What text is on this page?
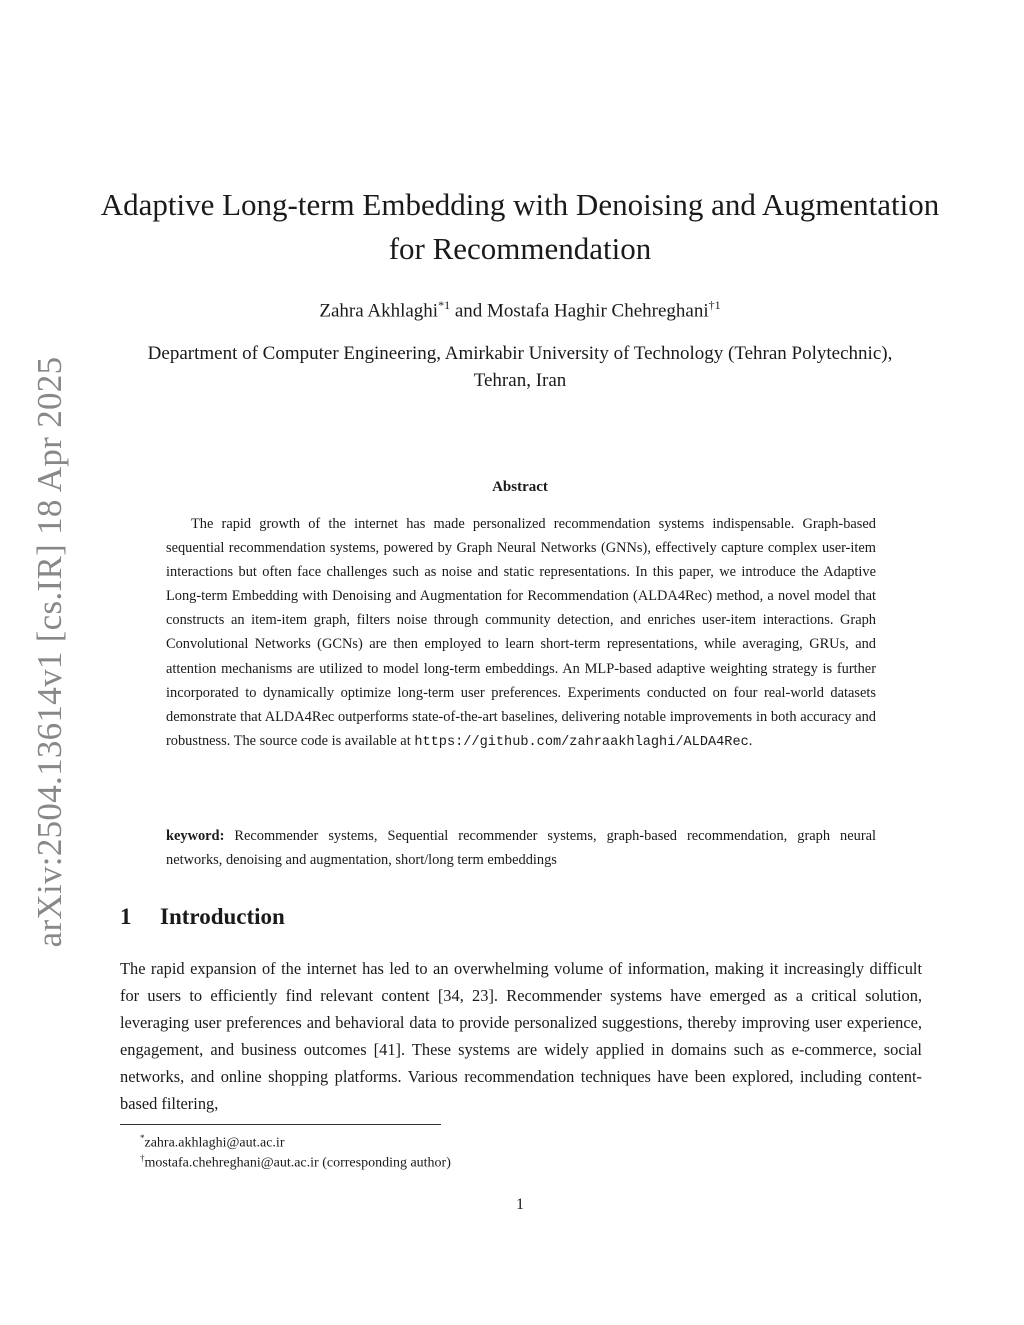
arXiv:2504.13614v1 [cs.IR] 18 Apr 2025
Adaptive Long-term Embedding with Denoising and Augmentation
for Recommendation
Zahra Akhlaghi$^{*1}$ and Mostafa Haghir Chehreghani$^{\dagger 1}$
Department of Computer Engineering, Amirkabir University of Technology (Tehran Polytechnic), Tehran, Iran
Abstract

The rapid growth of the internet has made personalized recommendation systems indispensable. Graph-based sequential recommendation systems, powered by Graph Neural Networks (GNNs), effectively capture complex user-item interactions but often face challenges such as noise and static representations. In this paper, we introduce the Adaptive Long-term Embedding with Denoising and Augmentation for Recommendation (ALDA4Rec) method, a novel model that constructs an item-item graph, filters noise through community detection, and enriches user-item interactions. Graph Convolutional Networks (GCNs) are then employed to learn short-term representations, while averaging, GRUs, and attention mechanisms are utilized to model long-term embeddings. An MLP-based adaptive weighting strategy is further incorporated to dynamically optimize long-term user preferences. Experiments conducted on four real-world datasets demonstrate that ALDA4Rec outperforms state-of-the-art baselines, delivering notable improvements in both accuracy and robustness. The source code is available at https://github.com/zahraakhlaghi/ALDA4Rec.

keyword: Recommender systems, Sequential recommender systems, graph-based recommendation, graph neural networks, denoising and augmentation, short/long term embeddings

1 Introduction

The rapid expansion of the internet has led to an overwhelming volume of information, making it increasingly difficult for users to efficiently find relevant content [34, 23]. Recommender systems have emerged as a critical solution, leveraging user preferences and behavioral data to provide personalized suggestions, thereby improving user experience, engagement, and business outcomes [41]. These systems are widely applied in domains such as e-commerce, social networks, and online shopping platforms. Various recommendation techniques have been explored, including content-based filtering,

*zahra.akhlaghi@aut.ac.ir
†mostafa.chehreghani@aut.ac.ir (corresponding author)
1
